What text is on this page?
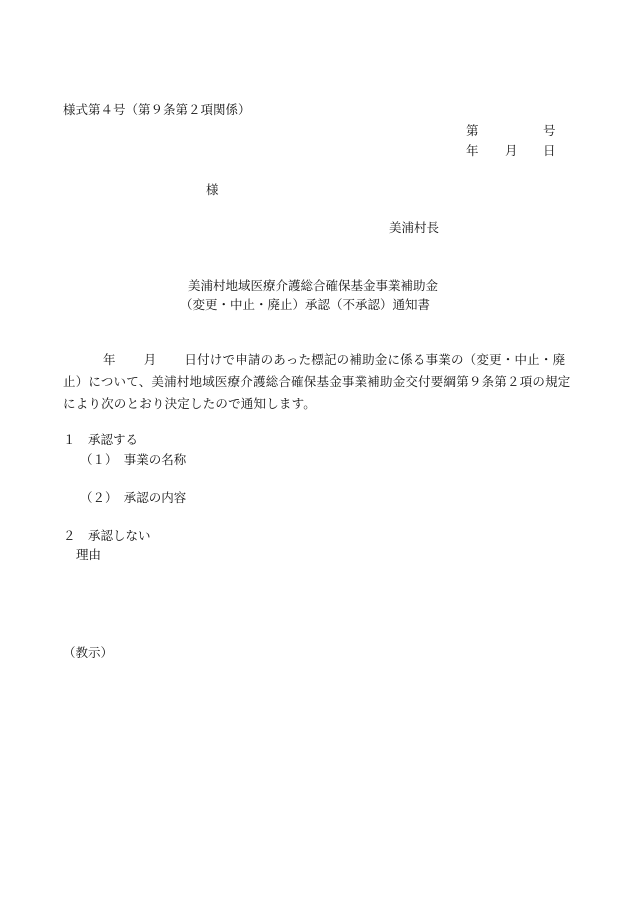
様式第４号（第９条第２項関係）
第	号
年 月 日
様
美浦村長
美浦村地域医療介護総合確保基金事業補助金
（変更・中止・廃止）承認（不承認）通知書
年 月 日付けで申請のあった標記の補助金に係る事業の（変更・中止・廃止）について、美浦村地域医療介護総合確保基金事業補助金交付要綱第９条第２項の規定により次のとおり決定したので通知します。
１　承認する
（１）　事業の名称
（２）　承認の内容
２　承認しない
理由
（教示）
